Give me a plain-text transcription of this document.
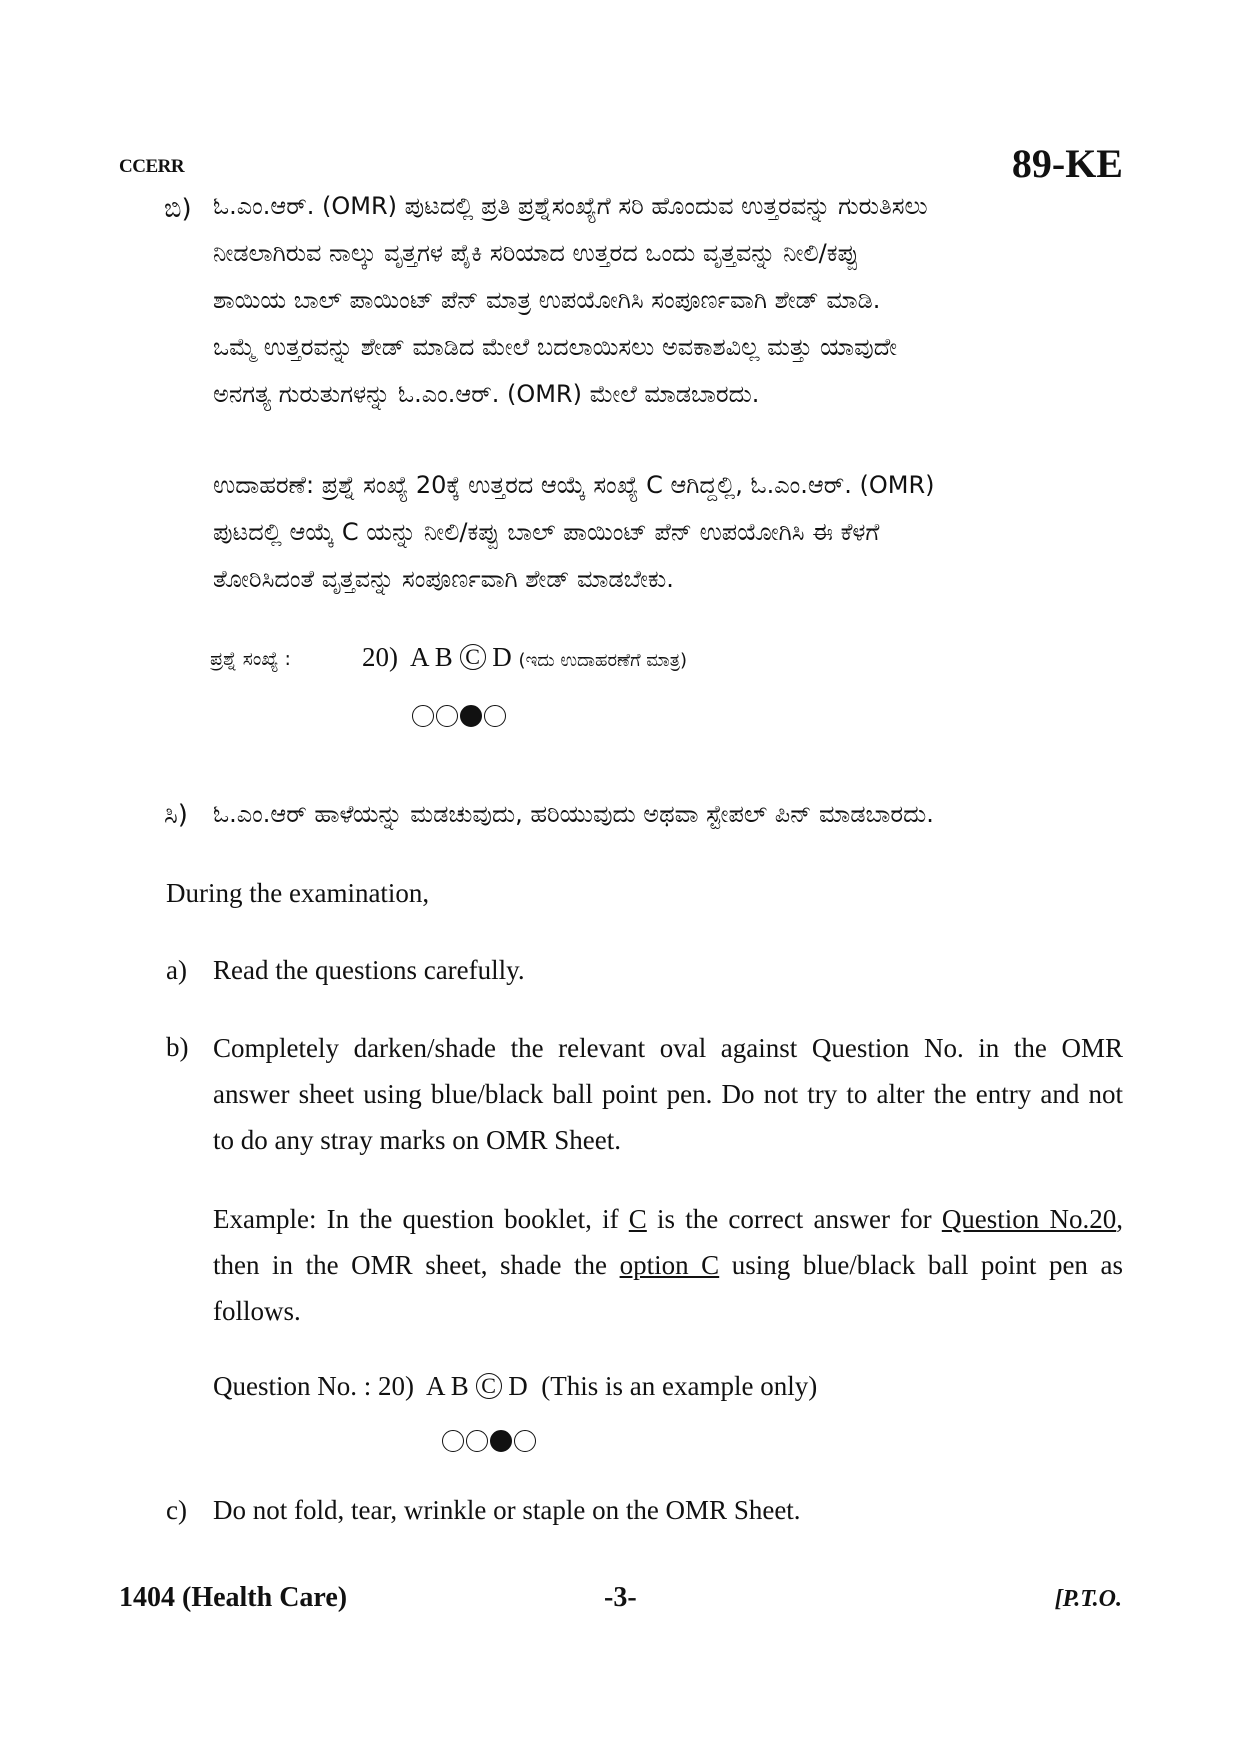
CCERR	89-KE
ಬಿ) ಓ.ಎಂ.ಆರ್. (OMR) ಪುಟದಲ್ಲಿ ಪ್ರತಿ ಪ್ರಶ್ನೆಸಂಖ್ಯೆಗೆ ಸರಿ ಹೊಂದುವ ಉತ್ತರವನ್ನು ಗುರುತಿಸಲು
ನೀಡಲಾಗಿರುವ ನಾಲ್ಕು ವೃತ್ತಗಳ ಪೈಕಿ ಸರಿಯಾದ ಉತ್ತರದ ಒಂದು ವೃತ್ತವನ್ನು ನೀಲಿ/ಕಪ್ಪು
ಶಾಯಿಯ ಬಾಲ್ ಪಾಯಿಂಟ್ ಪೆನ್ ಮಾತ್ರ ಉಪಯೋಗಿಸಿ ಸಂಪೂರ್ಣವಾಗಿ ಶೇಡ್ ಮಾಡಿ.
ಒಮ್ಮೆ ಉತ್ತರವನ್ನು ಶೇಡ್ ಮಾಡಿದ ಮೇಲೆ ಬದಲಾಯಿಸಲು ಅವಕಾಶವಿಲ್ಲ ಮತ್ತು ಯಾವುದೇ
ಅನಗತ್ಯ ಗುರುತುಗಳನ್ನು ಓ.ಎಂ.ಆರ್. (OMR) ಮೇಲೆ ಮಾಡಬಾರದು.
ಉದಾಹರಣೆ: ಪ್ರಶ್ನೆ ಸಂಖ್ಯೆ 20ಕ್ಕೆ ಉತ್ತರದ ಆಯ್ಕೆ ಸಂಖ್ಯೆ C ಆಗಿದ್ದಲ್ಲಿ, ಓ.ಎಂ.ಆರ್. (OMR)
ಪುಟದಲ್ಲಿ ಆಯ್ಕೆ C ಯನ್ನು ನೀಲಿ/ಕಪ್ಪು ಬಾಲ್ ಪಾಯಿಂಟ್ ಪೆನ್ ಉಪಯೋಗಿಸಿ ಈ ಕೆಳಗೆ
ತೋರಿಸಿದಂತೆ ವೃತ್ತವನ್ನು ಸಂಪೂರ್ಣವಾಗಿ ಶೇಡ್ ಮಾಡಬೇಕು.
ಪ್ರಶ್ನೆ ಸಂಖ್ಯೆ :	20) A B C D (ಇದು ಉದಾಹರಣೆಗೆ ಮಾತ್ರ)
ಸಿ) ಓ.ಎಂ.ಆರ್ ಹಾಳೆಯನ್ನು ಮಡಚುವುದು, ಹರಿಯುವುದು ಅಥವಾ ಸ್ಟೇಪಲ್ ಪಿನ್ ಮಾಡಬಾರದು.
During the examination,
a) Read the questions carefully.
b) Completely darken/shade the relevant oval against Question No. in the OMR
answer sheet using blue/black ball point pen. Do not try to alter the entry and not
to do any stray marks on OMR Sheet.
Example: In the question booklet, if C is the correct answer for Question No.20,
then in the OMR sheet, shade the option C using blue/black ball point pen as
follows.
Question No. : 20) A B C D (This is an example only)
c) Do not fold, tear, wrinkle or staple on the OMR Sheet.
1404 (Health Care)	-3-	[P.T.O.
